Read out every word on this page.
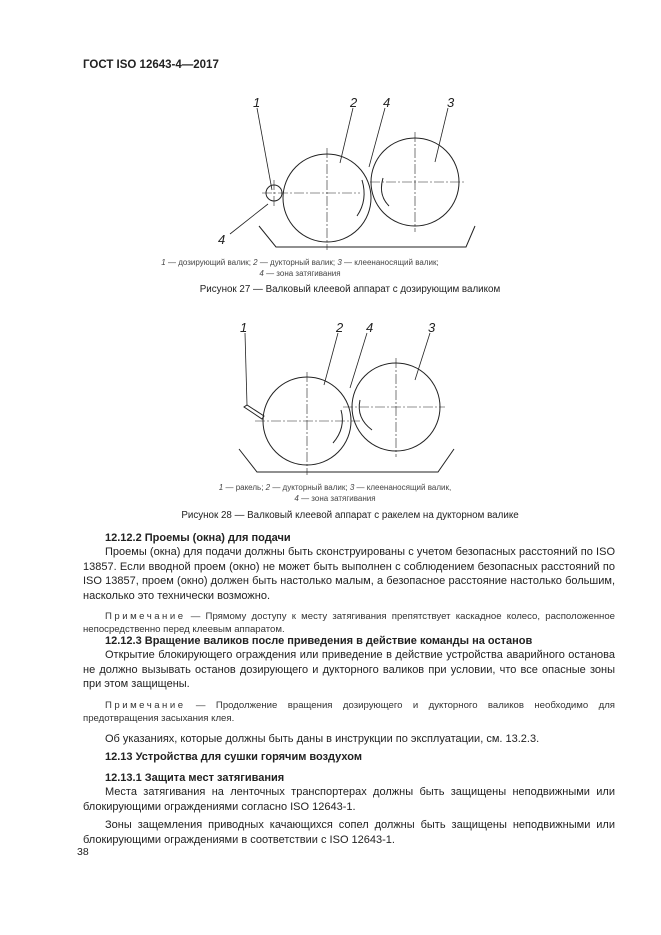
ГОСТ ISO 12643-4—2017
1	2 4	3
4
1 — дозирующий валик; 2 — дукторный валик; 3 — клеенаносящий валик;
4 — зона затягивания
Рисунок 27 — Валковый клеевой аппарат с дозирующим валиком
1	2 4	3
1 — ракель; 2 — дукторный валик; 3 — клеенаносящий валик,
4 — зона затягивания
Рисунок 28 — Валковый клеевой аппарат с ракелем на дукторном валике

12.12.2 Проемы (окна) для подачи

Проемы (окна) для подачи должны быть сконструированы с учетом безопасных расстояний по ISO 13857. Если вводной проем (окно) не может быть выполнен с соблюдением безопасных расстояний по ISO 13857, проем (окно) должен быть настолько малым, а безопасное расстояние настолько большим, насколько это технически возможно.

Примечание — Прямому доступу к месту затягивания препятствует каскадное колесо, расположенное непосредственно перед клеевым аппаратом.

12.12.3 Вращение валиков после приведения в действие команды на останов

Открытие блокирующего ограждения или приведение в действие устройства аварийного останова не должно вызывать останов дозирующего и дукторного валиков при условии, что все опасные зоны при этом защищены.

Примечание — Продолжение вращения дозирующего и дукторного валиков необходимо для предотвращения засыхания клея.

Об указаниях, которые должны быть даны в инструкции по эксплуатации, см. 13.2.3.

12.13 Устройства для сушки горячим воздухом

12.13.1 Защита мест затягивания

Места затягивания на ленточных транспортерах должны быть защищены неподвижными или блокирующими ограждениями согласно ISO 12643-1.

Зоны защемления приводных качающихся сопел должны быть защищены неподвижными или блокирующими ограждениями в соответствии с ISO 12643-1.

38
